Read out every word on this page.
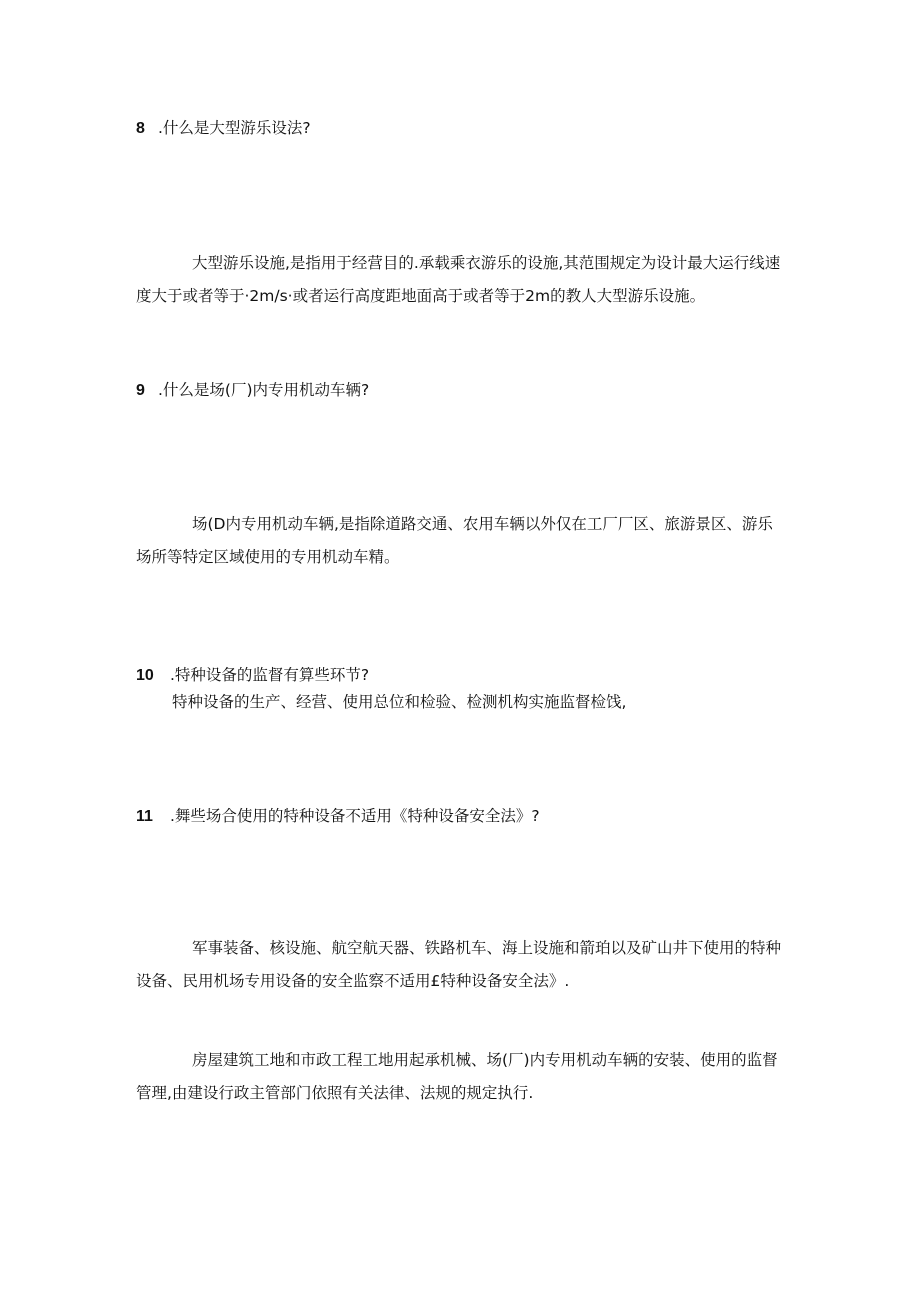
8 .什么是大型游乐设法?

大型游乐设施,是指用于经营目的.承载乘衣游乐的设施,其范围规定为设计最大运行线速度大于或者等于·2m∕s·或者运行高度距地面高于或者等于2m的教人大型游乐设施。

9 .什么是场(厂)内专用机动车辆?

场(D内专用机动车辆,是指除道路交通、农用车辆以外仅在工厂厂区、旅游景区、游乐场所等特定区域使用的专用机动车精。

10 .特种设备的监督有算些环节?
特种设备的生产、经营、使用总位和检验、检测机构实施监督检饯,
11 .舞些场合使用的特种设备不适用《特种设备安全法》?

军事装备、核设施、航空航天器、铁路机车、海上设施和箭珀以及矿山井下使用的特种设备、民用机场专用设备的安全监察不适用£特种设备安全法》.

房屋建筑工地和市政工程工地用起承机械、场(厂)内专用机动车辆的安装、使用的监督管理,由建设行政主管部门依照有关法律、法规的规定执行.
